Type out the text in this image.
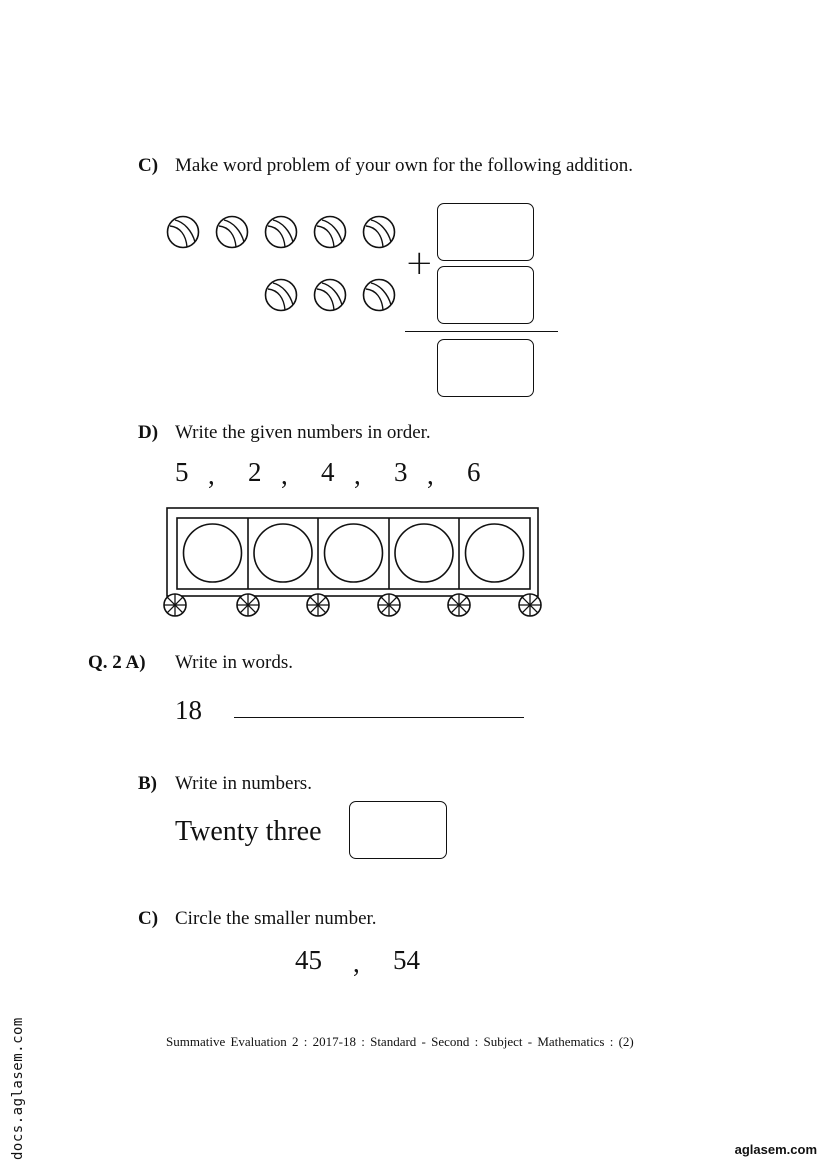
C) Make word problem of your own for the following addition.
+
D) Write the given numbers in order.
5 , 2 , 4 , 3 , 6
Q. 2 A) Write in words.
18
B) Write in numbers.
Twenty three
C) Circle the smaller number.
45 , 54
Summative Evaluation 2 : 2017-18 : Standard - Second : Subject - Mathematics : (2)
docs.aglasem.com	aglasem.com
